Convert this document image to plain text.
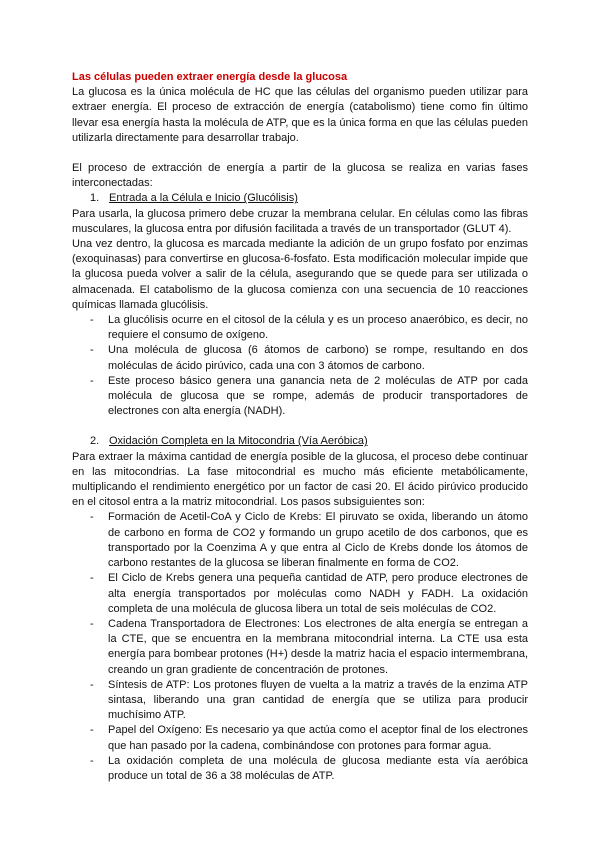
Las células pueden extraer energía desde la glucosa

La glucosa es la única molécula de HC que las células del organismo pueden utilizar para extraer energía. El proceso de extracción de energía (catabolismo) tiene como fin último llevar esa energía hasta la molécula de ATP, que es la única forma en que las células pueden utilizarla directamente para desarrollar trabajo.

El proceso de extracción de energía a partir de la glucosa se realiza en varias fases interconectadas:

1. Entrada a la Célula e Inicio (Glucólisis)

Para usarla, la glucosa primero debe cruzar la membrana celular. En células como las fibras musculares, la glucosa entra por difusión facilitada a través de un transportador (GLUT 4).

Una vez dentro, la glucosa es marcada mediante la adición de un grupo fosfato por enzimas (exoquinasas) para convertirse en glucosa-6-fosfato. Esta modificación molecular impide que la glucosa pueda volver a salir de la célula, asegurando que se quede para ser utilizada o almacenada. El catabolismo de la glucosa comienza con una secuencia de 10 reacciones químicas llamada glucólisis.

- La glucólisis ocurre en el citosol de la célula y es un proceso anaeróbico, es decir, no requiere el consumo de oxígeno.
- Una molécula de glucosa (6 átomos de carbono) se rompe, resultando en dos moléculas de ácido pirúvico, cada una con 3 átomos de carbono.
- Este proceso básico genera una ganancia neta de 2 moléculas de ATP por cada molécula de glucosa que se rompe, además de producir transportadores de electrones con alta energía (NADH).
2. Oxidación Completa en la Mitocondria (Vía Aeróbica)

Para extraer la máxima cantidad de energía posible de la glucosa, el proceso debe continuar en las mitocondrias. La fase mitocondrial es mucho más eficiente metabólicamente, multiplicando el rendimiento energético por un factor de casi 20. El ácido pirúvico producido en el citosol entra a la matriz mitocondrial. Los pasos subsiguientes son:

- Formación de Acetil-CoA y Ciclo de Krebs: El piruvato se oxida, liberando un átomo de carbono en forma de CO2 y formando un grupo acetilo de dos carbonos, que es transportado por la Coenzima A y que entra al Ciclo de Krebs donde los átomos de carbono restantes de la glucosa se liberan finalmente en forma de CO2.
- El Ciclo de Krebs genera una pequeña cantidad de ATP, pero produce electrones de alta energía transportados por moléculas como NADH y FADH. La oxidación completa de una molécula de glucosa libera un total de seis moléculas de CO2.
- Cadena Transportadora de Electrones: Los electrones de alta energía se entregan a la CTE, que se encuentra en la membrana mitocondrial interna. La CTE usa esta energía para bombear protones (H+) desde la matriz hacia el espacio intermembrana, creando un gran gradiente de concentración de protones.
- Síntesis de ATP: Los protones fluyen de vuelta a la matriz a través de la enzima ATP sintasa, liberando una gran cantidad de energía que se utiliza para producir muchísimo ATP.
- Papel del Oxígeno: Es necesario ya que actúa como el aceptor final de los electrones que han pasado por la cadena, combinándose con protones para formar agua.
- La oxidación completa de una molécula de glucosa mediante esta vía aeróbica produce un total de 36 a 38 moléculas de ATP.
